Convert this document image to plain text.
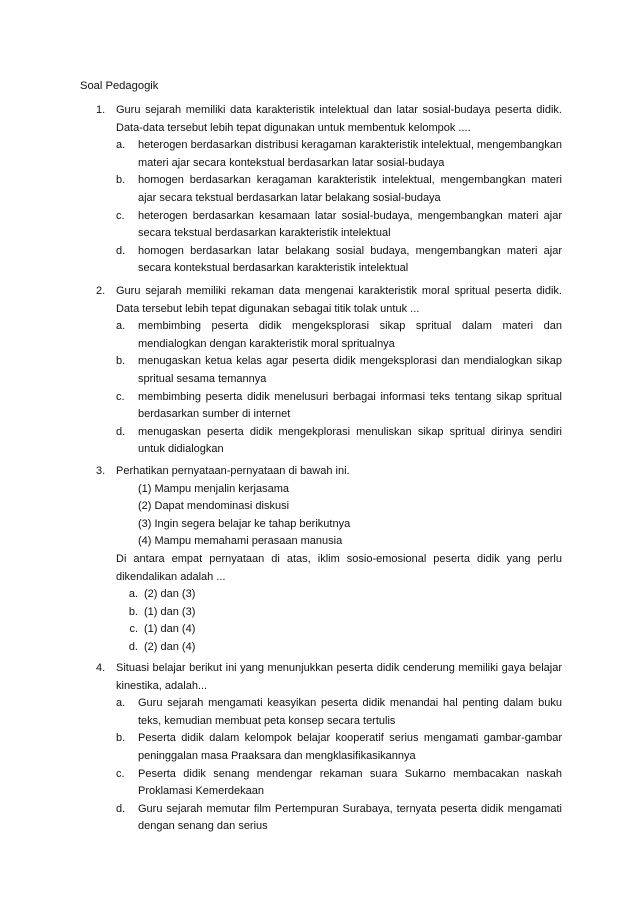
Soal Pedagogik
1. Guru sejarah memiliki data karakteristik intelektual dan latar sosial-budaya peserta didik. Data-data tersebut lebih tepat digunakan untuk membentuk kelompok ....
a. heterogen berdasarkan distribusi keragaman karakteristik intelektual, mengembangkan materi ajar secara kontekstual berdasarkan latar sosial-budaya
b. homogen berdasarkan keragaman karakteristik intelektual, mengembangkan materi ajar secara tekstual berdasarkan latar belakang sosial-budaya
c. heterogen berdasarkan kesamaan latar sosial-budaya, mengembangkan materi ajar secara tekstual berdasarkan karakteristik intelektual
d. homogen berdasarkan latar belakang sosial budaya, mengembangkan materi ajar secara kontekstual berdasarkan karakteristik intelektual
2. Guru sejarah memiliki rekaman data mengenai karakteristik moral spritual peserta didik. Data tersebut lebih tepat digunakan sebagai titik tolak untuk ...
a. membimbing peserta didik mengeksplorasi sikap spritual dalam materi dan mendialogkan dengan karakteristik moral spritualnya
b. menugaskan ketua kelas agar peserta didik mengeksplorasi dan mendialogkan sikap spritual sesama temannya
c. membimbing peserta didik menelusuri berbagai informasi teks tentang sikap spritual berdasarkan sumber di internet
d. menugaskan peserta didik mengekplorasi menuliskan sikap spritual dirinya sendiri untuk didialogkan
3. Perhatikan pernyataan-pernyataan di bawah ini.
(1) Mampu menjalin kerjasama
(2) Dapat mendominasi diskusi
(3) Ingin segera belajar ke tahap berikutnya
(4) Mampu memahami perasaan manusia
Di antara empat pernyataan di atas, iklim sosio-emosional peserta didik yang perlu dikendalikan adalah ...
a. (2) dan (3)
b. (1) dan (3)
c. (1) dan (4)
d. (2) dan (4)
4. Situasi belajar berikut ini yang menunjukkan peserta didik cenderung memiliki gaya belajar kinestika, adalah...
a. Guru sejarah mengamati keasyikan peserta didik menandai hal penting dalam buku teks, kemudian membuat peta konsep secara tertulis
b. Peserta didik dalam kelompok belajar kooperatif serius mengamati gambar-gambar peninggalan masa Praaksara dan mengklasifikasikannya
c. Peserta didik senang mendengar rekaman suara Sukarno membacakan naskah Proklamasi Kemerdekaan
d. Guru sejarah memutar film Pertempuran Surabaya, ternyata peserta didik mengamati dengan senang dan serius
